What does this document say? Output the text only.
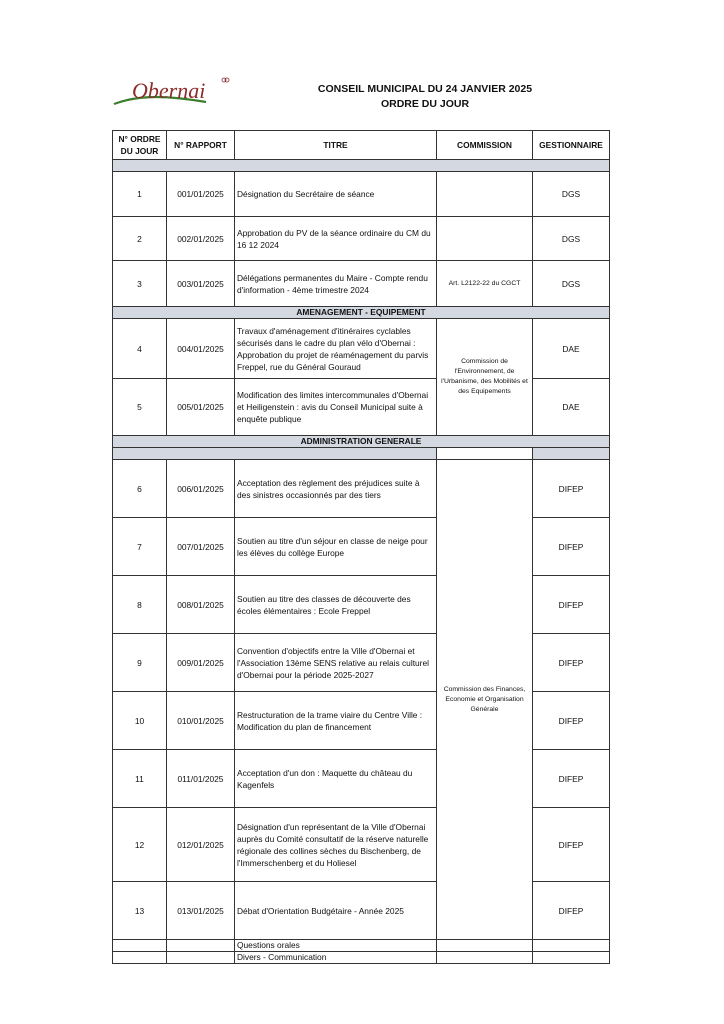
Obernai	CONSEIL MUNICIPAL DU 24 JANVIER 2025
ORDRE DU JOUR
N° ORDRE DU JOUR	N° RAPPORT	TITRE	COMMISSION	GESTIONNAIRE

1	001/01/2025	Désignation du Secrétaire de séance		DGS
2	002/01/2025	Approbation du PV de la séance ordinaire du CM du 16 12 2024		DGS
3	003/01/2025	Délégations permanentes du Maire - Compte rendu d'information - 4ème trimestre 2024	Art. L2122-22 du CGCT	DGS
AMENAGEMENT - EQUIPEMENT				
4	004/01/2025	Travaux d'aménagement d'itinéraires cyclables sécurisés dans le cadre du plan vélo d'Obernai : Approbation du projet de réaménagement du parvis Freppel, rue du Général Gouraud	Commission de l'Environnement, de l'Urbanisme, des Mobilités et des Equipements	DAE
5	005/01/2025	Modification des limites intercommunales d'Obernai et Heiligenstein : avis du Conseil Municipal suite à enquête publique		DAE
ADMINISTRATION GENERALE				

6	006/01/2025	Acceptation des règlement des préjudices suite à des sinistres occasionnés par des tiers	Commission des Finances, Economie et Organisation Générale	DIFEP
7	007/01/2025	Soutien au titre d'un séjour en classe de neige pour les élèves du collège Europe		DIFEP
8	008/01/2025	Soutien au titre des classes de découverte des écoles élémentaires : Ecole Freppel		DIFEP
9	009/01/2025	Convention d'objectifs entre la Ville d'Obernai et l'Association 13ème SENS relative au relais culturel d'Obernai pour la période 2025-2027		DIFEP
10	010/01/2025	Restructuration de la trame viaire du Centre Ville : Modification du plan de financement		DIFEP
11	011/01/2025	Acceptation d'un don : Maquette du château du Kagenfels		DIFEP
12	012/01/2025	Désignation d'un représentant de la Ville d'Obernai auprès du Comité consultatif de la réserve naturelle régionale des collines sèches du Bischenberg, de l'Immerschenberg et du Holiesel		DIFEP
13	013/01/2025	Débat d'Orientation Budgétaire - Année 2025		DIFEP
		Questions orales		
		Divers - Communication		
